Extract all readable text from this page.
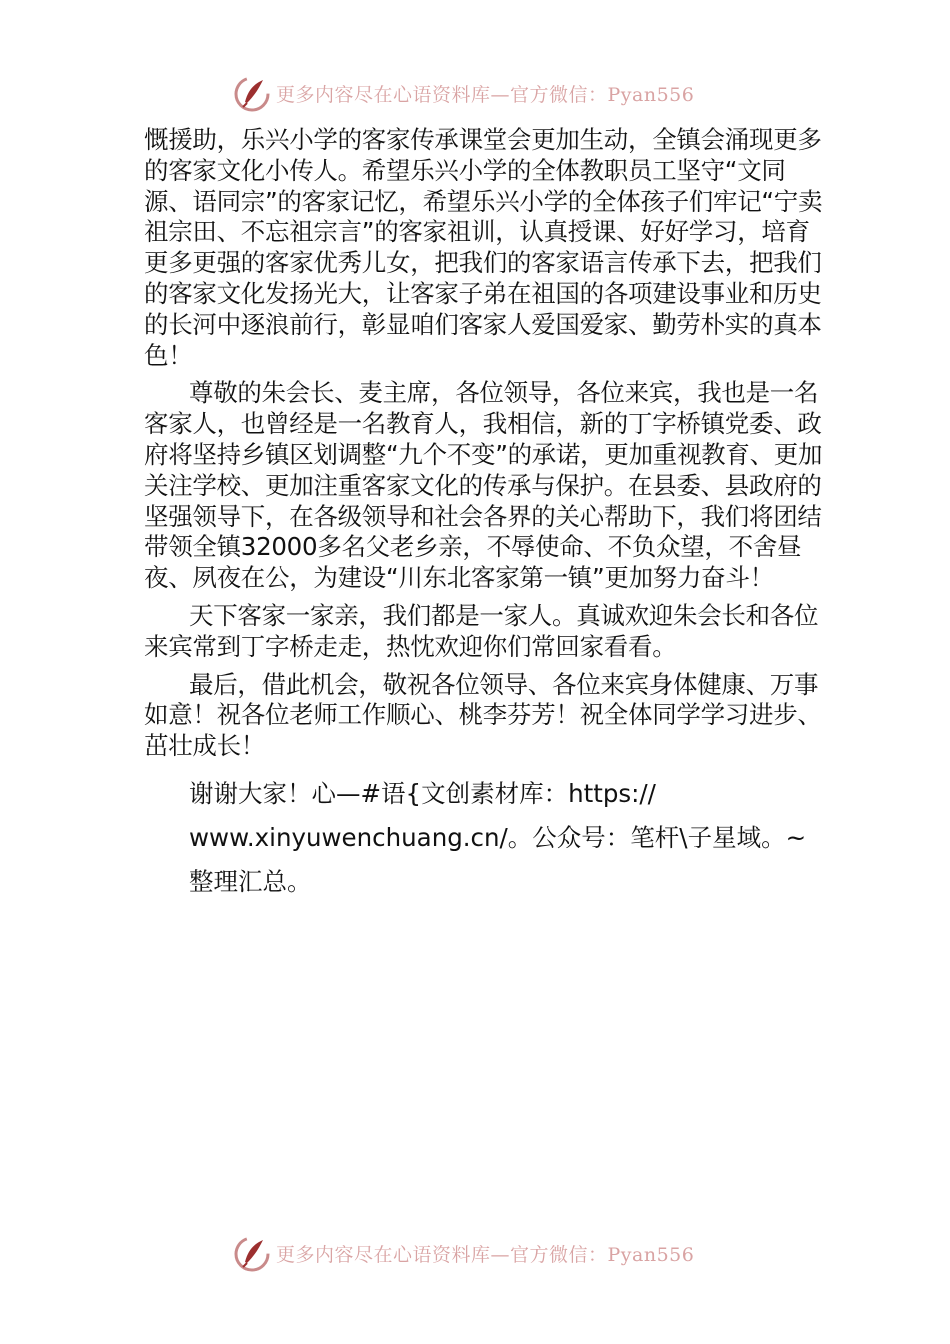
更多内容尽在心语资料库—官方微信：Pyan556

慨援助，乐兴小学的客家传承课堂会更加生动，全镇会涌现更多的客家文化小传人。希望乐兴小学的全体教职员工坚守“文同源、语同宗”的客家记忆，希望乐兴小学的全体孩子们牢记“宁卖祖宗田、不忘祖宗言”的客家祖训，认真授课、好好学习，培育更多更强的客家优秀儿女，把我们的客家语言传承下去，把我们的客家文化发扬光大，让客家子弟在祖国的各项建设事业和历史的长河中逐浪前行，彰显咱们客家人爱国爱家、勤劳朴实的真本色！

尊敬的朱会长、麦主席，各位领导，各位来宾，我也是一名客家人，也曾经是一名教育人，我相信，新的丁字桥镇党委、政府将坚持乡镇区划调整“九个不变”的承诺，更加重视教育、更加关注学校、更加注重客家文化的传承与保护。在县委、县政府的坚强领导下，在各级领导和社会各界的关心帮助下，我们将团结带领全镇32000多名父老乡亲，不辱使命、不负众望，不舍昼夜、夙夜在公，为建设“川东北客家第一镇”更加努力奋斗！

天下客家一家亲，我们都是一家人。真诚欢迎朱会长和各位来宾常到丁字桥走走，热忱欢迎你们常回家看看。

最后，借此机会，敬祝各位领导、各位来宾身体健康、万事如意！祝各位老师工作顺心、桃李芬芳！祝全体同学学习进步、茁壮成长！

谢谢大家！心—#语{文创素材库：https://
www.xinyuwenchuang.cn/。公众号：笔杆\子星域。~
整理汇总。
更多内容尽在心语资料库—官方微信：Pyan556
